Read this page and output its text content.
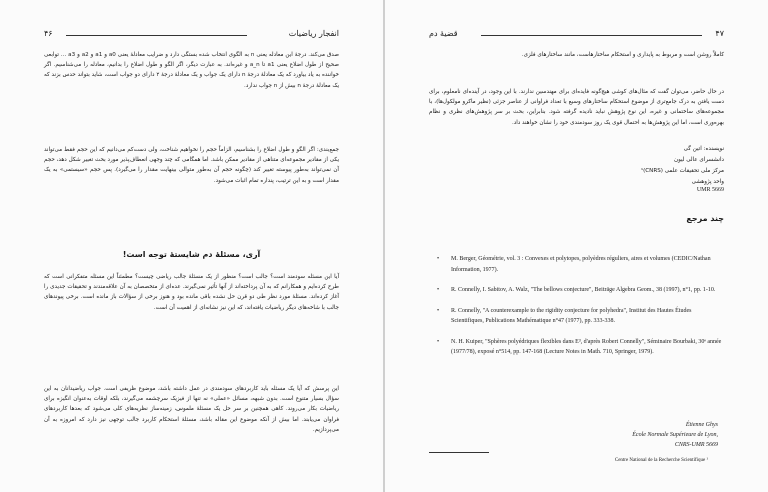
۴۶	انفجار ریاضیات
صدق می‌کند. درجهٔ این معادله یعنی n به الگوی انتخاب شده بستگی دارد و ضرایب معادلهٔ یعنی a0 و a1 و a2 و a3 ... توابعی صحیح از طول اضلاع یعنی a1 تا a_n و غیره‌اند. به عبارت دیگر، اگر الگو و طول اضلاع را بدانیم، معادله را می‌شناسیم. اگر خواننده به یاد بیاورد که یک معادلهٔ درجهٔ n دارای یک جواب و یک معادلهٔ درجهٔ ۲ دارای دو جواب است، شاید بتواند حدس بزند که یک معادلهٔ درجهٔ n بیش از n جواب ندارد.
جمع‌بندی: اگر الگو و طول اضلاع را بشناسیم، الزاماً حجم را نخواهیم شناخت، ولی دست‌کم می‌دانیم که این حجم فقط می‌تواند یکی از مقادیر مجموعه‌ای متناهی از مقادیر ممکن باشد. اما همگامی که چند وجهی انعطاف‌پذیر مورد بحث تغییر شکل دهد، حجم آن نمی‌تواند به‌طور پیوسته تغییر کند (چگونه حجم آن به‌طور متوالی بینهایت مقدار را می‌گیرد). پس حجم «سیستمی» به یک مقدار است و به این ترتیب، پنداره تمام اثبات می‌شود.
آری، مسئلهٔ دم شایستهٔ توجه است!
آیا این مسئله سودمند است؟ جالب است؟ منظور از یک مسئلهٔ جالب ریاضی چیست؟ مطمئناً این مسئله متفکرانی است که طرح کرده‌ایم و همکارانم که به آن پرداخته‌اند از آنها تأثیر نمی‌گیرند. عده‌ای از متخصصان به آن علاقه‌مندند و تحقیقات جدیدی را آغاز کرده‌اند. مسئلهٔ مورد نظر طی دو قرن حل نشده باقی مانده بود و هنوز برخی از سؤالات باز مانده است. برخی پیوندهای جالب با شاخه‌های دیگر ریاضیات یافته‌اند، که این نیز نشانه‌ای از اهمیت آن است.
این پرسش که آیا یک مسئله باید کاربردهای سودمندی در عمل داشته باشد، موضوع ظریفی است. جواب ریاضیدانان به این سؤال بسیار متنوع است. بدون شبهه، مسائل «عملی» نه تنها از فیزیک سرچشمه می‌گیرند، بلکه اوقات به‌عنوان انگیزه برای ریاضیات بکار می‌روند. کاهی همچنین بر سر حل یک مسئلهٔ ملموس، زمینه‌ساز نظریه‌های کلی می‌شود که بعدها کاربردهای فراوان می‌یابند. اما بیش از آنکه موضوع این مقاله باشد، مسئلهٔ استحکام کاربرد جالب توجهی نیز دارد که امروزه به آن می‌پردازیم.
قضیهٔ دم	۴۷
کاملاً روشن است و مربوط به پایداری و استحکام ساختارهاست، مانند ساختارهای فلزی.
در حال حاضر، می‌توان گفت که مثال‌های کوشی هیچ‌گونه فایده‌ای برای مهندسین ندارند. با این وجود، در آینده‌ای نامعلوم، برای دست یافتن به درک جامع‌تری از موضوع استحکام ساختارهای وسیع با تعداد فراوانی از عناصر جزئی (نظیر ماکرو مولکول‌ها)، با مجموعه‌های ساختمانی و غیره، این نوع پژوهش نباید نادیده گرفته شود. بنابراین، بحث بر سر پژوهش‌های نظری و نظام بهره‌وری است، اما این پژوهش‌ها به احتمال قوی یک روز سودمندی خود را نشان خواهند داد.
نویسنده: اتین گی
دانشسرای عالی لیون
مرکز ملی تحقیقات علمی (CNRS)¹
واحد پژوهشی
UMR 5669
چند مرجع
• M. Berger, Géométrie, vol. 3 : Convexes et polytopes, polyèdres réguliers, aires et volumes (CEDIC/Nathan Information, 1977).
• R. Connelly, I. Sabitov, A. Walz, "The bellows conjecture", Beiträge Algebra Geom., 38 (1997), n°1, pp. 1-10.
• R. Connelly, "A counterexample to the rigidity conjecture for polyhedra", Institut des Hautes Études Scientifiques, Publications Mathématique n°47 (1977), pp. 333-338.
• N. H. Kuiper, "Sphères polyédriques flexibles dans E³, d'après Robert Connelly", Séminaire Bourbaki, 30ᵉ année (1977/78), exposé n°514, pp. 147-168 (Lecture Notes in Math. 710, Springer, 1979).
Étienne Ghys
École Normale Supérieure de Lyon,
CNRS-UMR 5669
Centre National de la Recherche Scientifique ¹
